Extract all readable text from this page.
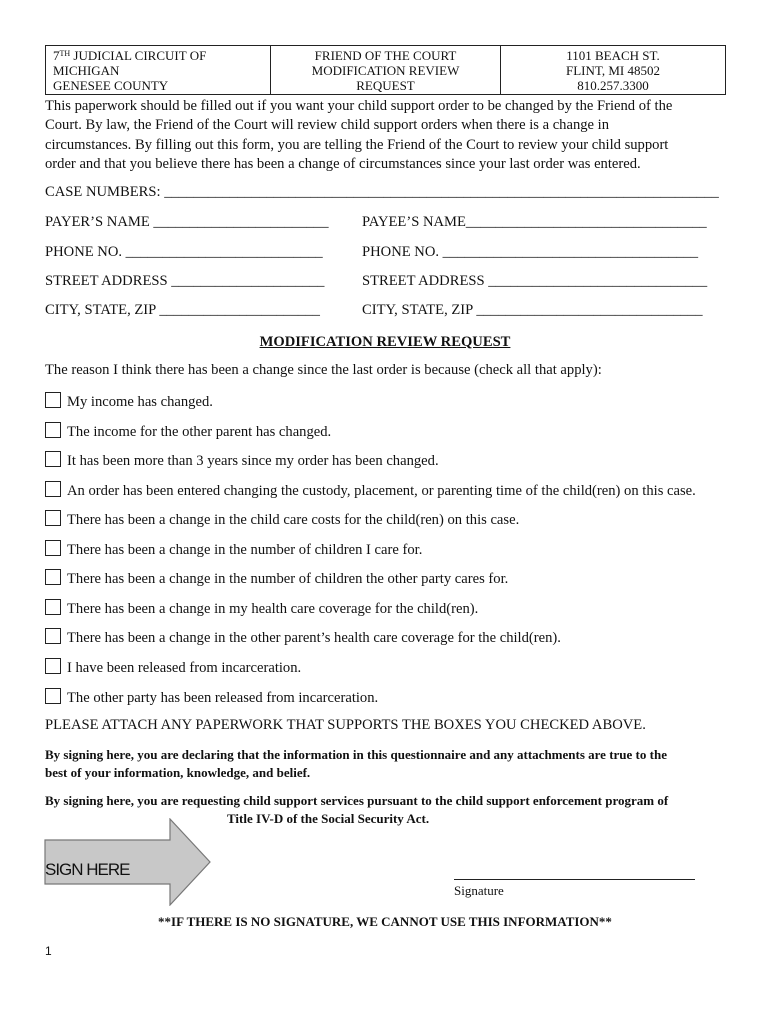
7TH JUDICIAL CIRCUIT OF
MICHIGAN
GENESEE COUNTY

FRIEND OF THE COURT
MODIFICATION REVIEW
REQUEST

1101 BEACH ST.
FLINT, MI 48502
810.257.3300
This paperwork should be filled out if you want your child support order to be changed by the Friend of the
Court. By law, the Friend of the Court will review child support orders when there is a change in
circumstances. By filling out this form, you are telling the Friend of the Court to review your child support
order and that you believe there has been a change of circumstances since your last order was entered.
CASE NUMBERS: ____________________________________________________________________________
PAYER’S NAME ________________________ PAYEE’S NAME_________________________________
PHONE NO. ___________________________	PHONE NO. ___________________________________
STREET ADDRESS _____________________	STREET ADDRESS ______________________________
CITY, STATE, ZIP ______________________	CITY, STATE, ZIP _______________________________
MODIFICATION REVIEW REQUEST
The reason I think there has been a change since the last order is because (check all that apply):
My income has changed.
The income for the other parent has changed.
It has been more than 3 years since my order has been changed.
An order has been entered changing the custody, placement, or parenting time of the child(ren) on this case.
There has been a change in the child care costs for the child(ren) on this case.
There has been a change in the number of children I care for.
There has been a change in the number of children the other party cares for.
There has been a change in my health care coverage for the child(ren).
There has been a change in the other parent’s health care coverage for the child(ren).
I have been released from incarceration.
The other party has been released from incarceration.
PLEASE ATTACH ANY PAPERWORK THAT SUPPORTS THE BOXES YOU CHECKED ABOVE.
By signing here, you are declaring that the information in this questionnaire and any attachments are true to the
best of your information, knowledge, and belief.
By signing here, you are requesting child support services pursuant to the child support enforcement program of
Title IV-D of the Social Security Act.
SIGN HERE
Signature
**IF THERE IS NO SIGNATURE, WE CANNOT USE THIS INFORMATION**
1
